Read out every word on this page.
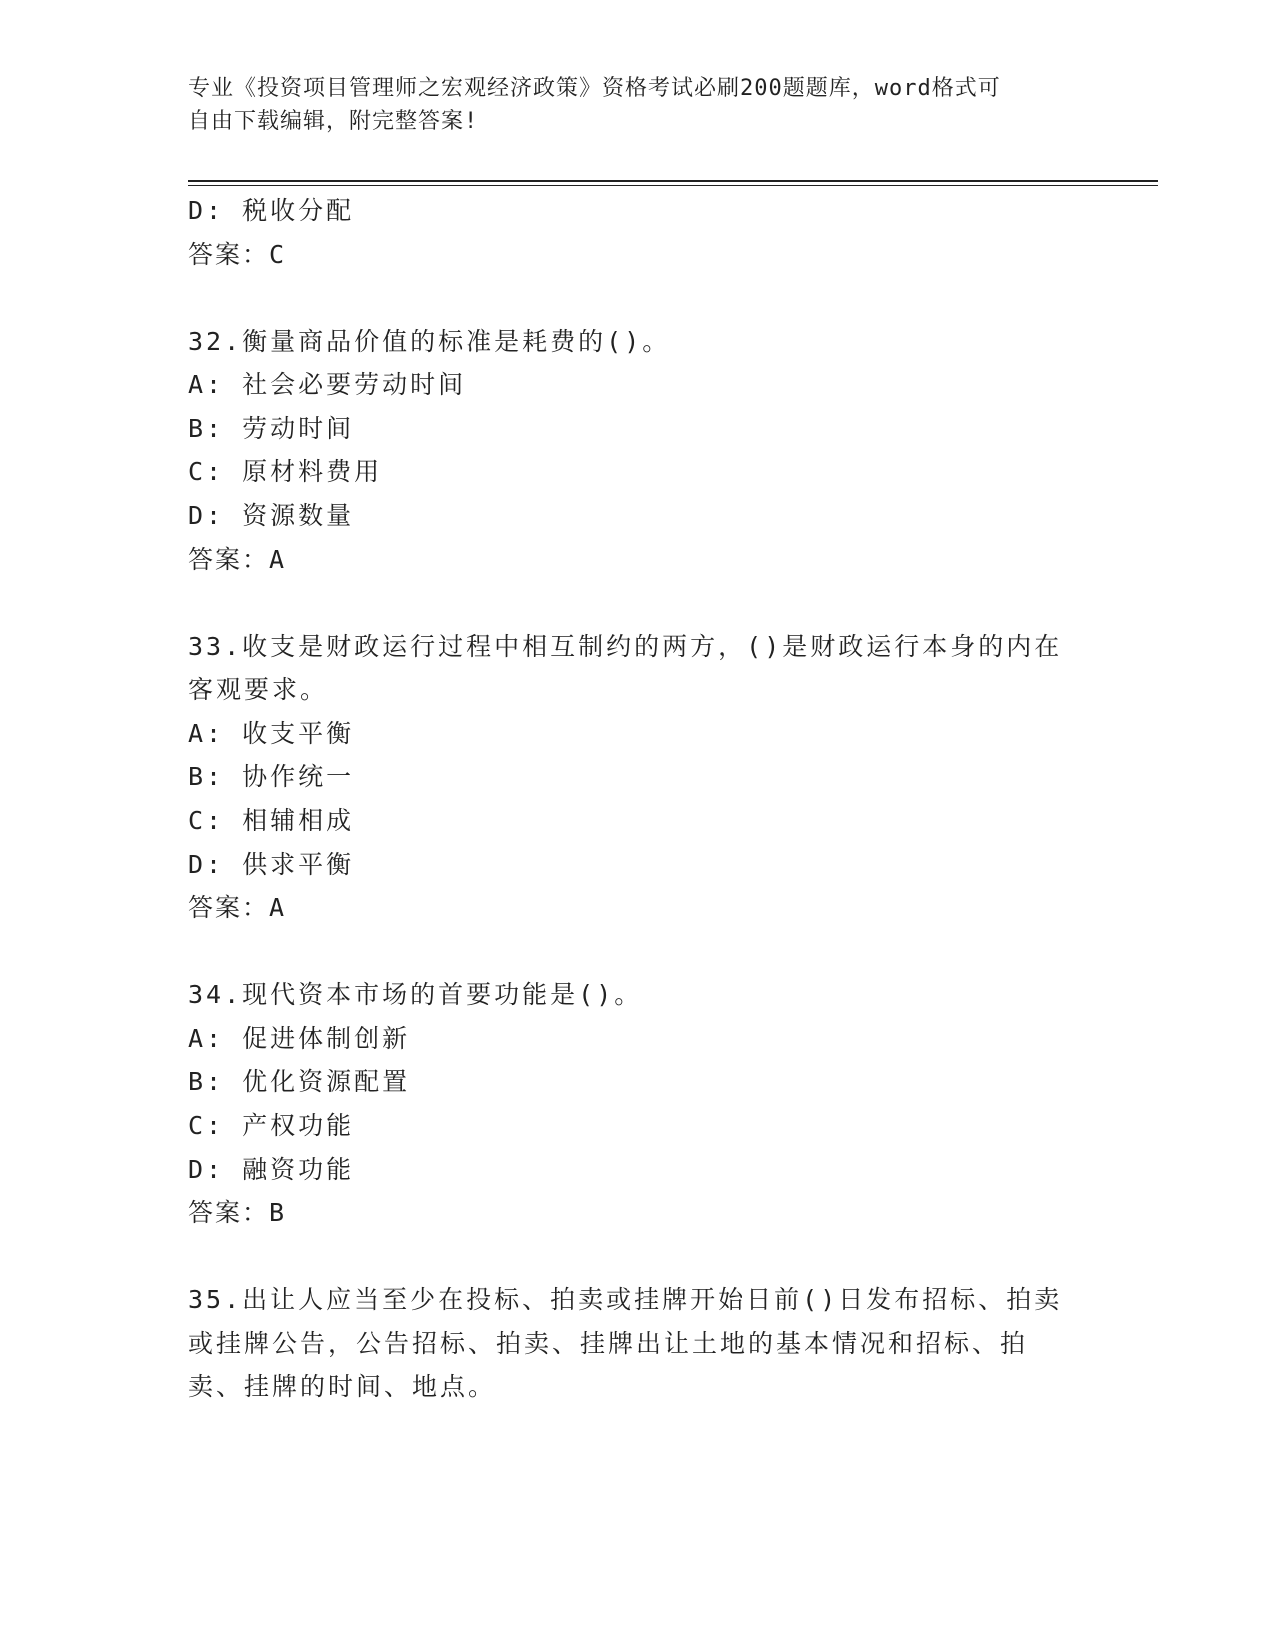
专业《投资项目管理师之宏观经济政策》资格考试必刷200题题库，word格式可
自由下载编辑，附完整答案!
D: 税收分配
答案：C
32.衡量商品价值的标准是耗费的()。
A: 社会必要劳动时间
B: 劳动时间
C: 原材料费用
D: 资源数量
答案：A
33.收支是财政运行过程中相互制约的两方，()是财政运行本身的内在
客观要求。
A: 收支平衡
B: 协作统一
C: 相辅相成
D: 供求平衡
答案：A
34.现代资本市场的首要功能是()。
A: 促进体制创新
B: 优化资源配置
C: 产权功能
D: 融资功能
答案：B
35.出让人应当至少在投标、拍卖或挂牌开始日前()日发布招标、拍卖
或挂牌公告，公告招标、拍卖、挂牌出让土地的基本情况和招标、拍
卖、挂牌的时间、地点。
